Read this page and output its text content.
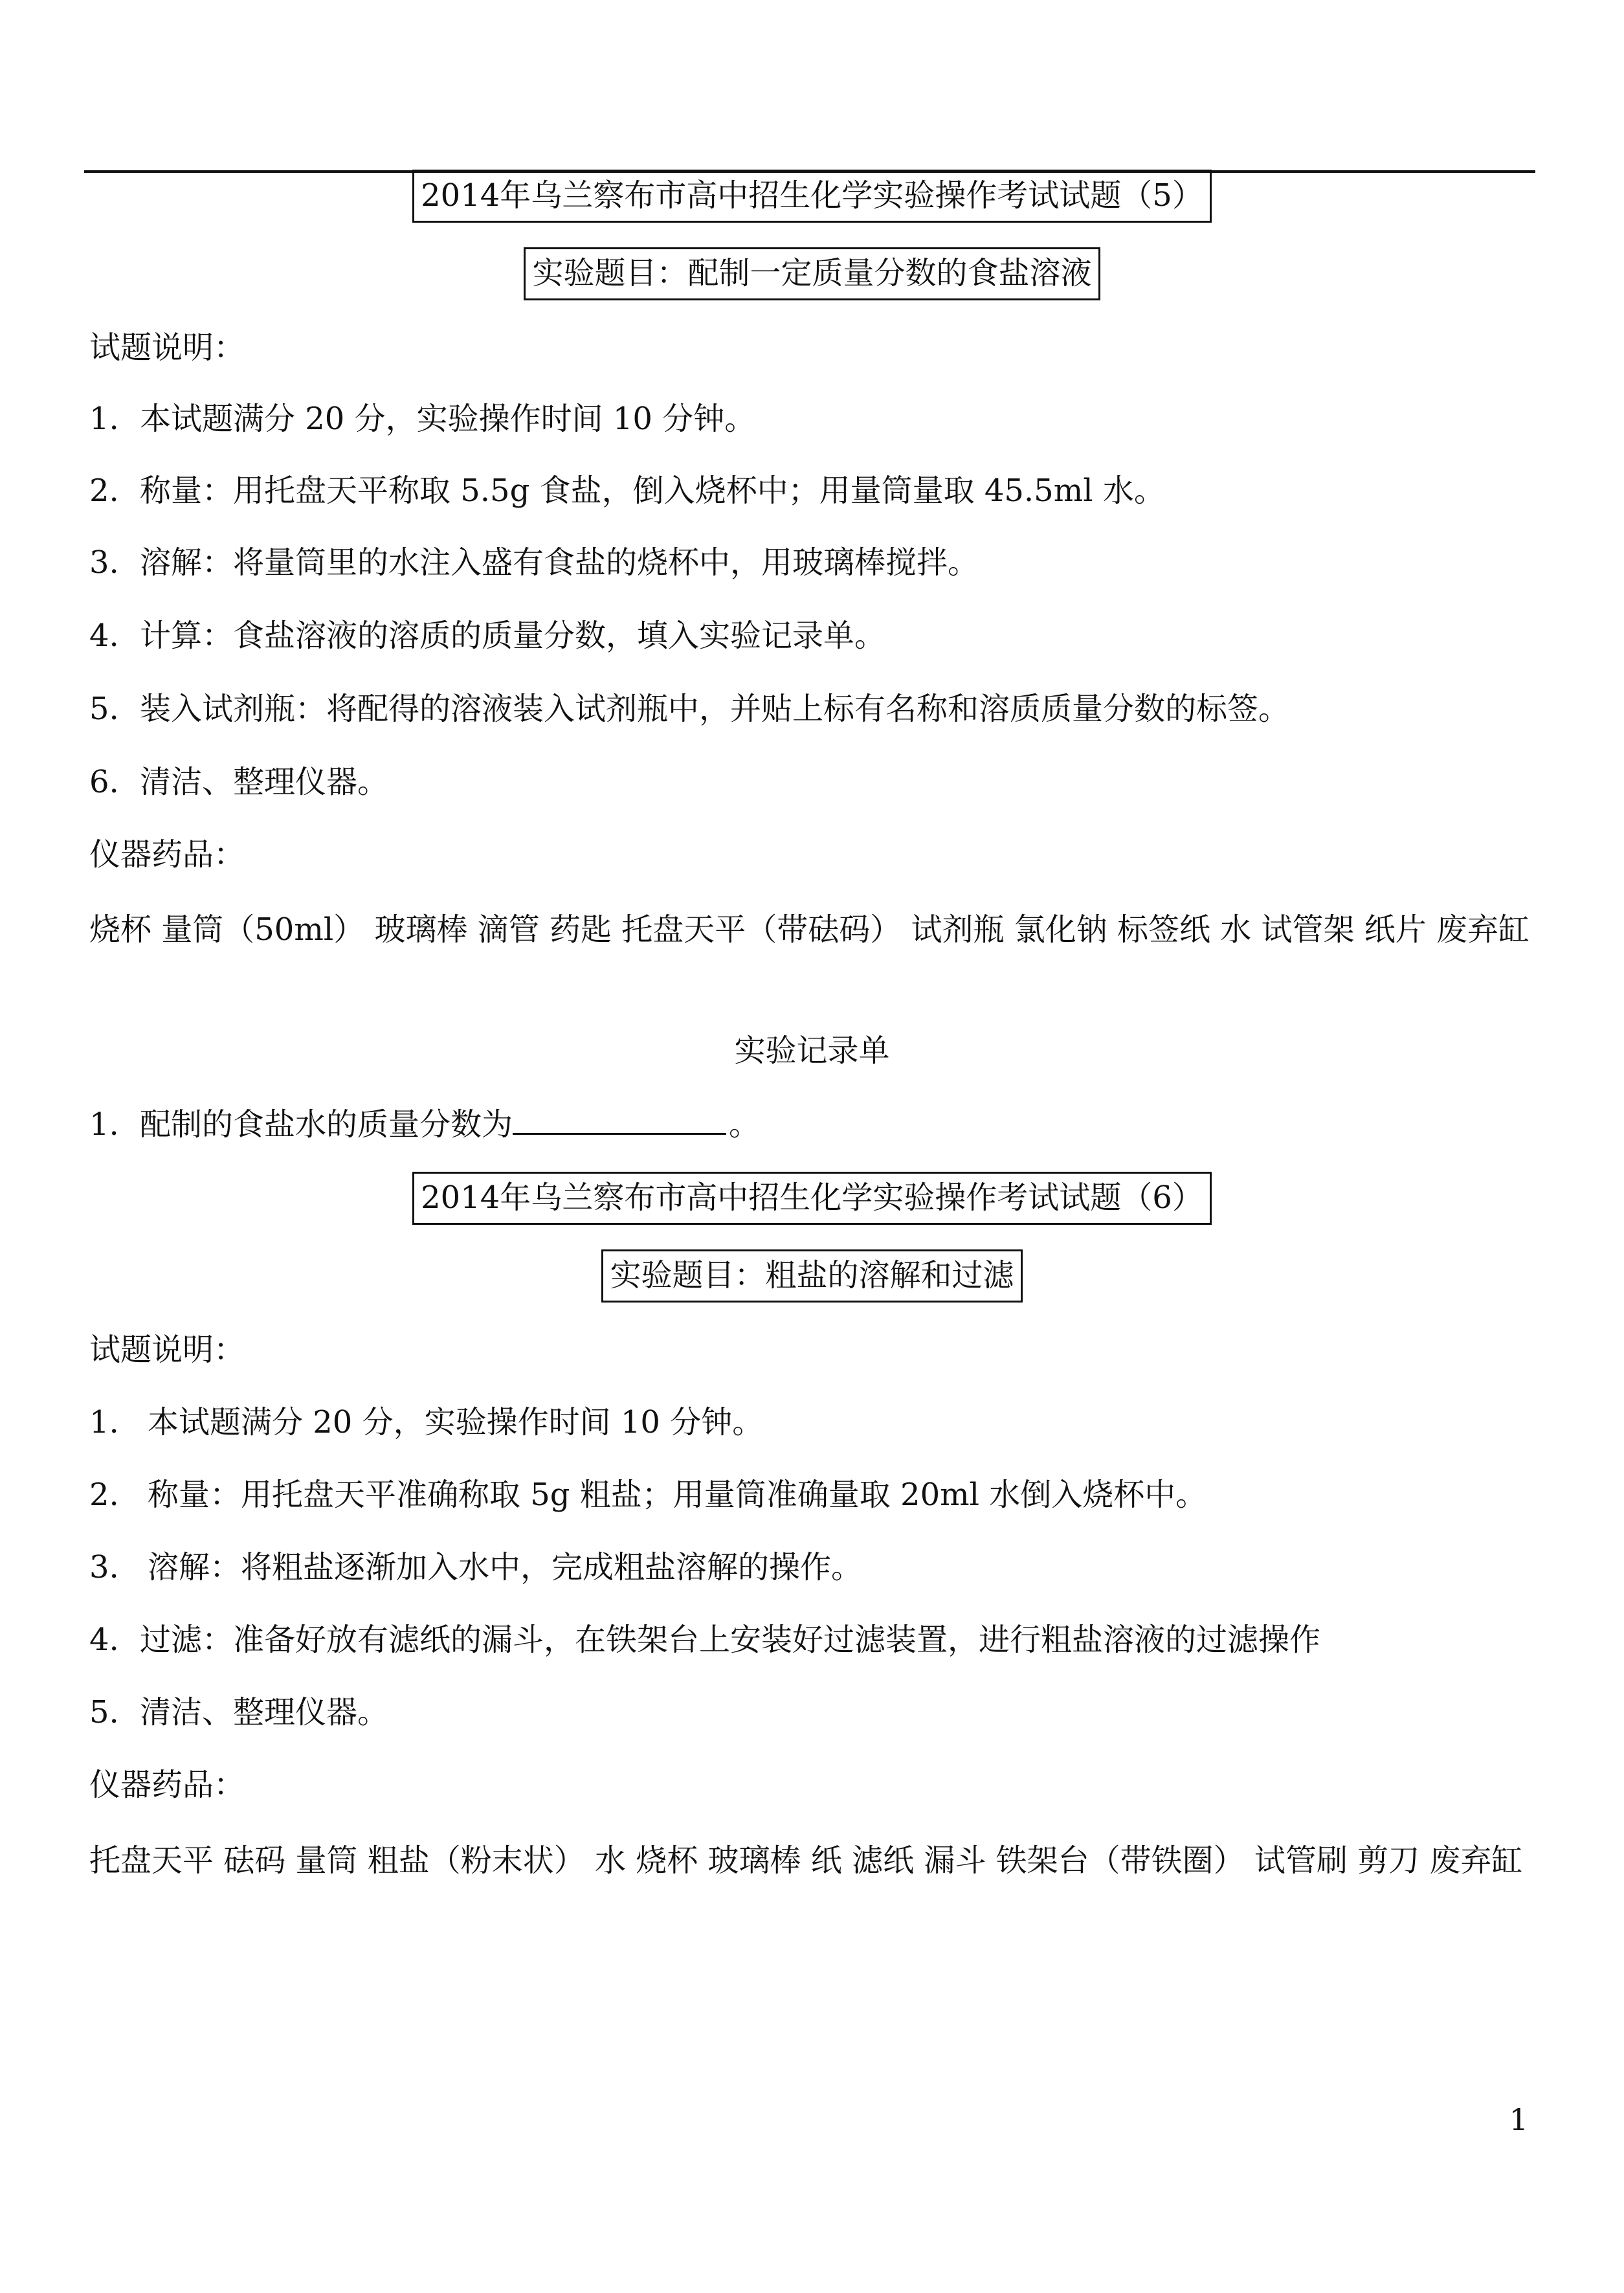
2014年乌兰察布市高中招生化学实验操作考试试题（5）
实验题目：配制一定质量分数的食盐溶液
试题说明：
1. 本试题满分 20 分，实验操作时间 10 分钟。
2. 称量：用托盘天平称取 5.5g 食盐，倒入烧杯中；用量筒量取 45.5ml 水。
3. 溶解：将量筒里的水注入盛有食盐的烧杯中，用玻璃棒搅拌。
4. 计算：食盐溶液的溶质的质量分数，填入实验记录单。
5. 装入试剂瓶：将配得的溶液装入试剂瓶中，并贴上标有名称和溶质质量分数的标签。
6. 清洁、整理仪器。
仪器药品：
烧杯 量筒（50ml） 玻璃棒 滴管 药匙 托盘天平（带砝码） 试剂瓶 氯化钠 标签纸 水 试管架 纸片 废弃缸
实验记录单
1. 配制的食盐水的质量分数为	。
2014年乌兰察布市高中招生化学实验操作考试试题（6）
实验题目：粗盐的溶解和过滤
试题说明：
1. 本试题满分 20 分，实验操作时间 10 分钟。
2. 称量：用托盘天平准确称取 5g 粗盐；用量筒准确量取 20ml 水倒入烧杯中。
3. 溶解：将粗盐逐渐加入水中，完成粗盐溶解的操作。
4. 过滤：准备好放有滤纸的漏斗，在铁架台上安装好过滤装置，进行粗盐溶液的过滤操作
5. 清洁、整理仪器。
仪器药品：
托盘天平 砝码 量筒 粗盐（粉末状） 水 烧杯 玻璃棒 纸 滤纸 漏斗 铁架台（带铁圈） 试管刷 剪刀 废弃缸
1
